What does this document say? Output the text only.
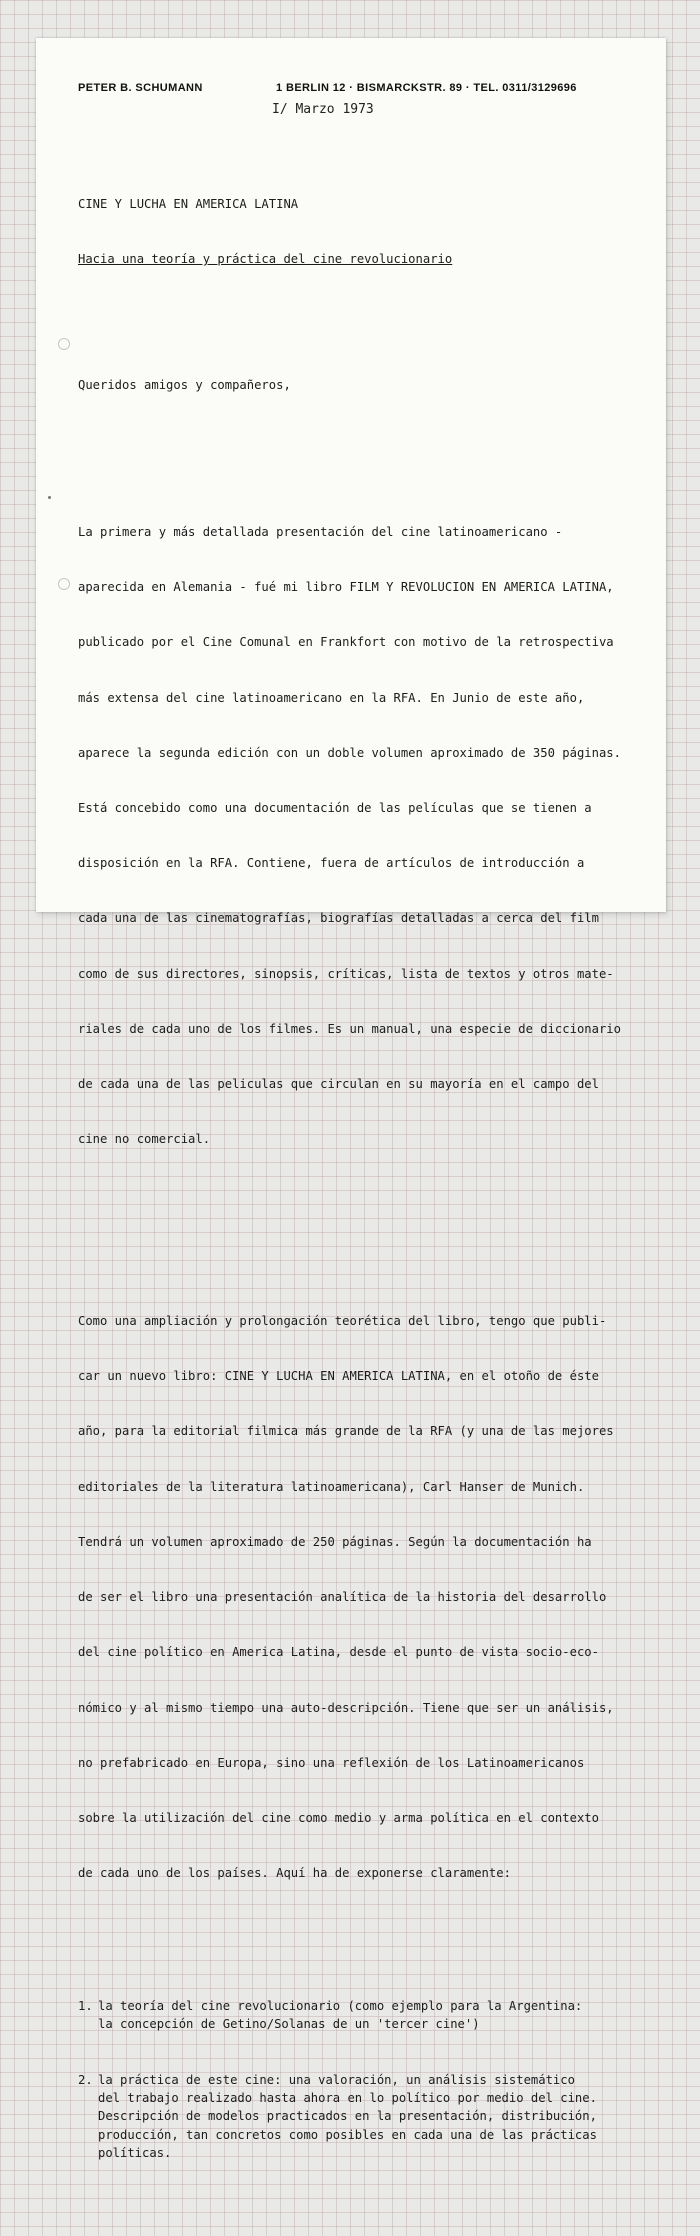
PETER B. SCHUMANN	1 BERLIN 12 · BISMARCKSTR. 89 · TEL. 0311/3129696
I/ Marzo 1973

CINE Y LUCHA EN AMERICA LATINA

Hacia una teoría y práctica del cine revolucionario

Queridos amigos y compañeros,

La primera y más detallada presentación del cine latinoamericano -

aparecida en Alemania - fué mi libro FILM Y REVOLUCION EN AMERICA LATINA,

publicado por el Cine Comunal en Frankfort con motivo de la retrospectiva

más extensa del cine latinoamericano en la RFA. En Junio de este año,

aparece la segunda edición con un doble volumen aproximado de 350 páginas.

Está concebido como una documentación de las películas que se tienen a

disposición en la RFA. Contiene, fuera de artículos de introducción a

cada una de las cinematografías, biografías detalladas a cerca del film

como de sus directores, sinopsis, críticas, lista de textos y otros mate-

riales de cada uno de los filmes. Es un manual, una especie de diccionario

de cada una de las peliculas que circulan en su mayoría en el campo del

cine no comercial.

Como una ampliación y prolongación teorética del libro, tengo que publi-

car un nuevo libro: CINE Y LUCHA EN AMERICA LATINA, en el otoño de éste

año, para la editorial filmica más grande de la RFA (y una de las mejores

editoriales de la literatura latinoamericana), Carl Hanser de Munich.

Tendrá un volumen aproximado de 250 páginas. Según la documentación ha

de ser el libro una presentación analítica de la historia del desarrollo

del cine político en America Latina, desde el punto de vista socio-eco-

nómico y al mismo tiempo una auto-descripción. Tiene que ser un análisis,

no prefabricado en Europa, sino una reflexión de los Latinoamericanos

sobre la utilización del cine como medio y arma política en el contexto

de cada uno de los países. Aquí ha de exponerse claramente:

1. la teoría del cine revolucionario (como ejemplo para la Argentina:
la concepción de Getino/Solanas de un 'tercer cine')

2. la práctica de este cine: una valoración, un análisis sistemático
del trabajo realizado hasta ahora en lo político por medio del cine.
Descripción de modelos practicados en la presentación, distribución,
producción, tan concretos como posibles en cada una de las prácticas
políticas.
